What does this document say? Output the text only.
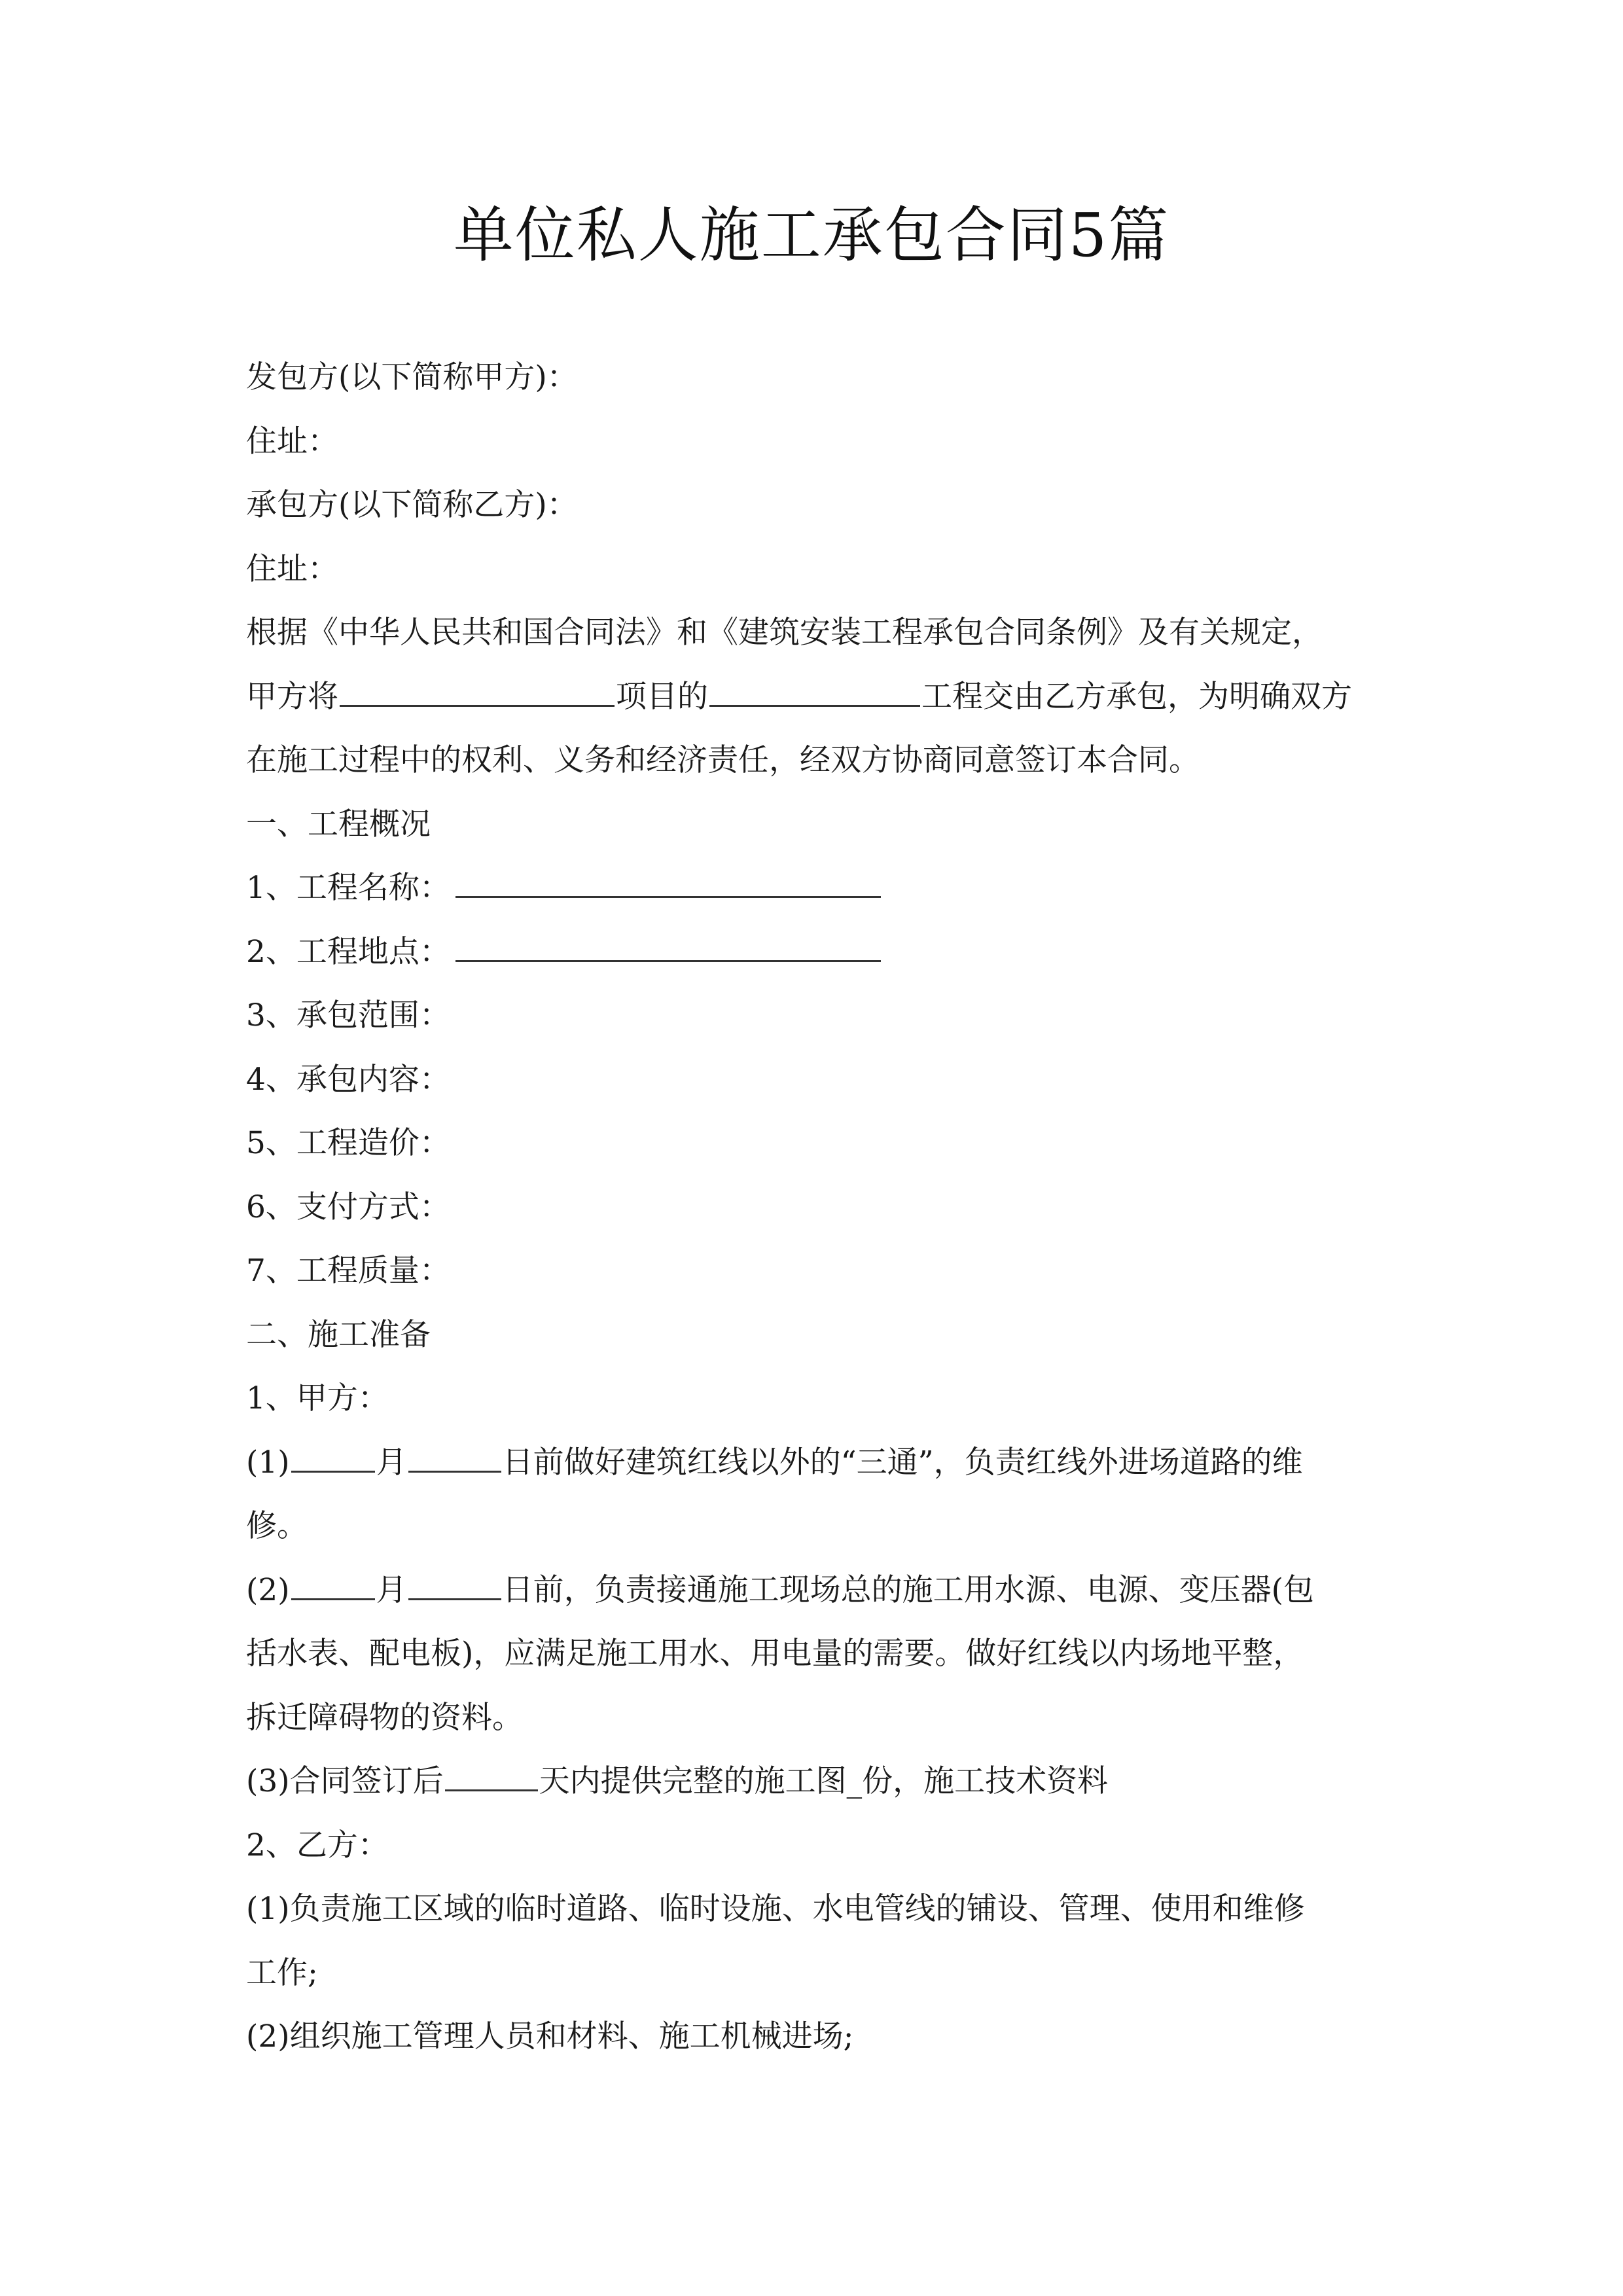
单位私人施工承包合同5篇
发包方(以下简称甲方)：
住址：
承包方(以下简称乙方)：
住址：
根据《中华人民共和国合同法》和《建筑安装工程承包合同条例》及有关规定，
甲方将	项目的	工程交由乙方承包，为明确双方
在施工过程中的权利、义务和经济责任，经双方协商同意签订本合同。
一、工程概况
1、工程名称：
2、工程地点：
3、承包范围：
4、承包内容：
5、工程造价：
6、支付方式：
7、工程质量：
二、施工准备
1、甲方：
(1)	月	日前做好建筑红线以外的“三通”，负责红线外进场道路的维
修。
(2)	月	日前，负责接通施工现场总的施工用水源、电源、变压器(包
括水表、配电板)，应满足施工用水、用电量的需要。做好红线以内场地平整，
拆迁障碍物的资料。
(3)合同签订后	天内提供完整的施工图_份，施工技术资料
2、乙方：
(1)负责施工区域的临时道路、临时设施、水电管线的铺设、管理、使用和维修
工作;
(2)组织施工管理人员和材料、施工机械进场;
